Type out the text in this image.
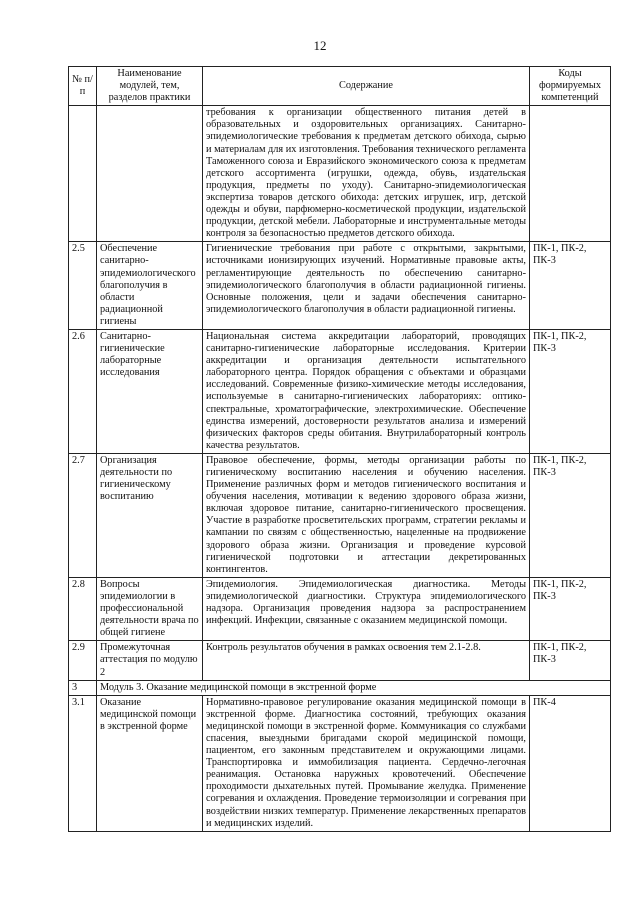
12
№ п/п	Наименование модулей, тем, разделов практики	Содержание	Коды формируемых компетенций
		требования к организации общественного питания детей в образовательных и оздоровительных организациях. Санитарно-эпидемиологические требования к предметам детского обихода, сырью и материалам для их изготовления. Требования технического регламента Таможенного союза и Евразийского экономического союза к предметам детского ассортимента (игрушки, одежда, обувь, издательская продукция, предметы по уходу). Санитарно-эпидемиологическая экспертиза товаров детского обихода: детских игрушек, игр, детской одежды и обуви, парфюмерно-косметической продукции, издательской продукции, детской мебели. Лабораторные и инструментальные методы контроля за безопасностью предметов детского обихода.	
2.5	Обеспечение санитарно-эпидемиологического благополучия в области радиационной гигиены	Гигиенические требования при работе с открытыми, закрытыми, источниками ионизирующих изучений. Нормативные правовые акты, регламентирующие деятельность по обеспечению санитарно-эпидемиологического благополучия в области радиационной гигиены. Основные положения, цели и задачи обеспечения санитарно-эпидемиологического благополучия в области радиационной гигиены.	ПК-1, ПК-2, ПК-3
2.6	Санитарно-гигиенические лабораторные исследования	Национальная система аккредитации лабораторий, проводящих санитарно-гигиенические лабораторные исследования. Критерии аккредитации и организация деятельности испытательного лабораторного центра. Порядок обращения с объектами и образцами исследований. Современные физико-химические методы исследования, используемые в санитарно-гигиенических лабораториях: оптико-спектральные, хроматографические, электрохимические. Обеспечение единства измерений, достоверности результатов анализа и измерений физических факторов среды обитания. Внутрилабораторный контроль качества результатов.	ПК-1, ПК-2, ПК-3
2.7	Организация деятельности по гигиеническому воспитанию	Правовое обеспечение, формы, методы организации работы по гигиеническому воспитанию населения и обучению населения. Применение различных форм и методов гигиенического воспитания и обучения населения, мотивации к ведению здорового образа жизни, включая здоровое питание, санитарно-гигиенического просвещения. Участие в разработке просветительских программ, стратегии рекламы и кампании по связям с общественностью, нацеленные на продвижение здорового образа жизни. Организация и проведение курсовой гигиенической подготовки и аттестации декретированных контингентов.	ПК-1, ПК-2, ПК-3
2.8	Вопросы эпидемиологии в профессиональной деятельности врача по общей гигиене	Эпидемиология. Эпидемиологическая диагностика. Методы эпидемиологической диагностики. Структура эпидемиологического надзора. Организация проведения надзора за распространением инфекций. Инфекции, связанные с оказанием медицинской помощи.	ПК-1, ПК-2, ПК-3
2.9	Промежуточная аттестация по модулю 2	Контроль результатов обучения в рамках освоения тем 2.1-2.8.	ПК-1, ПК-2, ПК-3
3	Модуль 3. Оказание медицинской помощи в экстренной форме		
3.1	Оказание медицинской помощи в экстренной форме	Нормативно-правовое регулирование оказания медицинской помощи в экстренной форме. Диагностика состояний, требующих оказания медицинской помощи в экстренной форме. Коммуникация со службами спасения, выездными бригадами скорой медицинской помощи, пациентом, его законным представителем и окружающими лицами. Транспортировка и иммобилизация пациента. Сердечно-легочная реанимация. Остановка наружных кровотечений. Обеспечение проходимости дыхательных путей. Промывание желудка. Применение согревания и охлаждения. Проведение термоизоляции и согревания при воздействии низких температур. Применение лекарственных препаратов и медицинских изделий.	ПК-4
